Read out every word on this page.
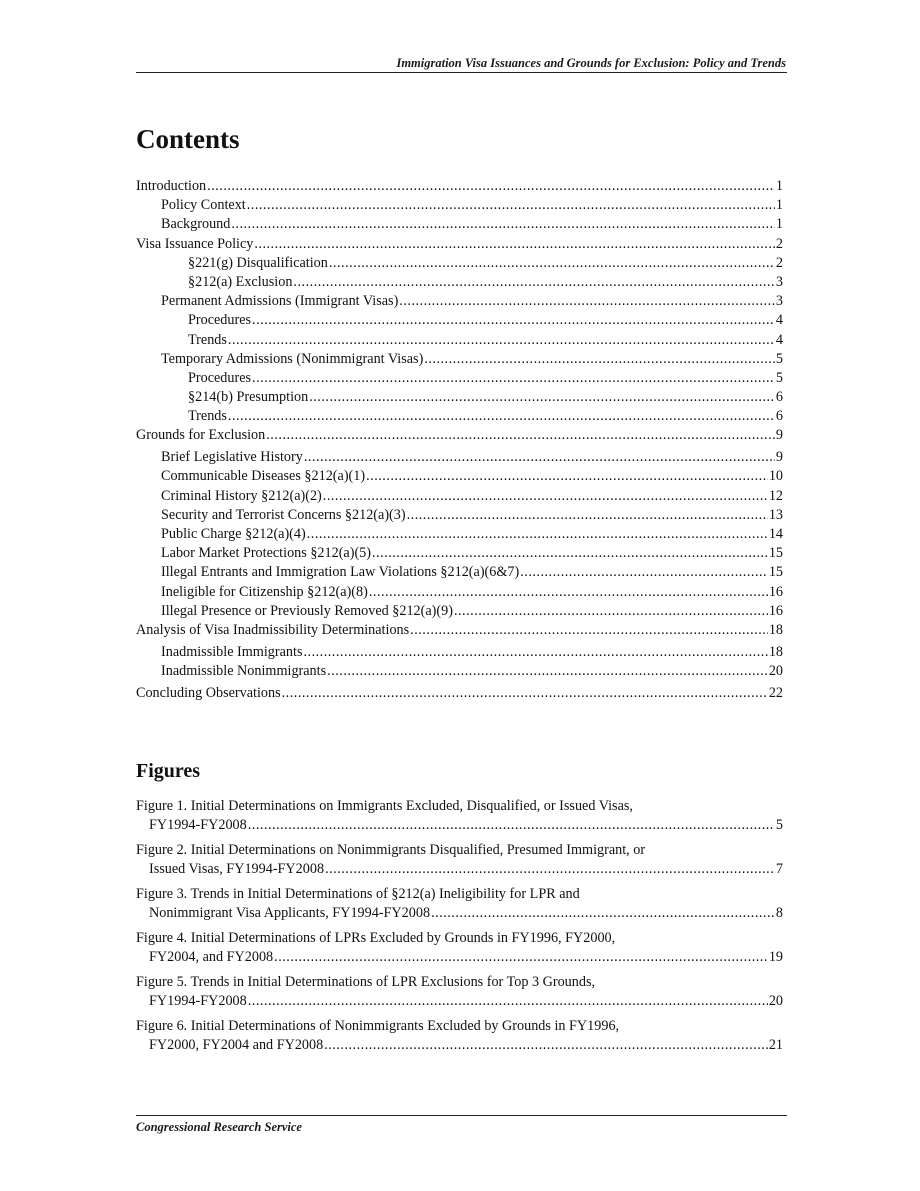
Immigration Visa Issuances and Grounds for Exclusion: Policy and Trends
Contents
Introduction .....	1
Policy Context .....	1
Background .....	1
Visa Issuance Policy .....	2
§221(g) Disqualification .....	2
§212(a) Exclusion .....	3
Permanent Admissions (Immigrant Visas) .....	3
Procedures .....	4
Trends .....	4
Temporary Admissions (Nonimmigrant Visas) .....	5
Procedures .....	5
§214(b) Presumption .....	6
Trends .....	6
Grounds for Exclusion .....	9
Brief Legislative History .....	9
Communicable Diseases §212(a)(1) .....	10
Criminal History §212(a)(2) .....	12
Security and Terrorist Concerns §212(a)(3) .....	13
Public Charge §212(a)(4) .....	14
Labor Market Protections §212(a)(5) .....	15
Illegal Entrants and Immigration Law Violations §212(a)(6&7) .....	15
Ineligible for Citizenship §212(a)(8) .....	16
Illegal Presence or Previously Removed §212(a)(9) .....	16
Analysis of Visa Inadmissibility Determinations .....	18
Inadmissible Immigrants .....	18
Inadmissible Nonimmigrants .....	20
Concluding Observations .....	22
Figures
Figure 1. Initial Determinations on Immigrants Excluded, Disqualified, or Issued Visas,
FY1994-FY2008 .....	5
Figure 2. Initial Determinations on Nonimmigrants Disqualified, Presumed Immigrant, or
Issued Visas, FY1994-FY2008 .....	7
Figure 3. Trends in Initial Determinations of §212(a) Ineligibility for LPR and
Nonimmigrant Visa Applicants, FY1994-FY2008 .....	8
Figure 4. Initial Determinations of LPRs Excluded by Grounds in FY1996, FY2000,
FY2004, and FY2008 .....	19
Figure 5. Trends in Initial Determinations of LPR Exclusions for Top 3 Grounds,
FY1994-FY2008 .....	20
Figure 6. Initial Determinations of Nonimmigrants Excluded by Grounds in FY1996,
FY2000, FY2004 and FY2008 .....	21
Congressional Research Service
